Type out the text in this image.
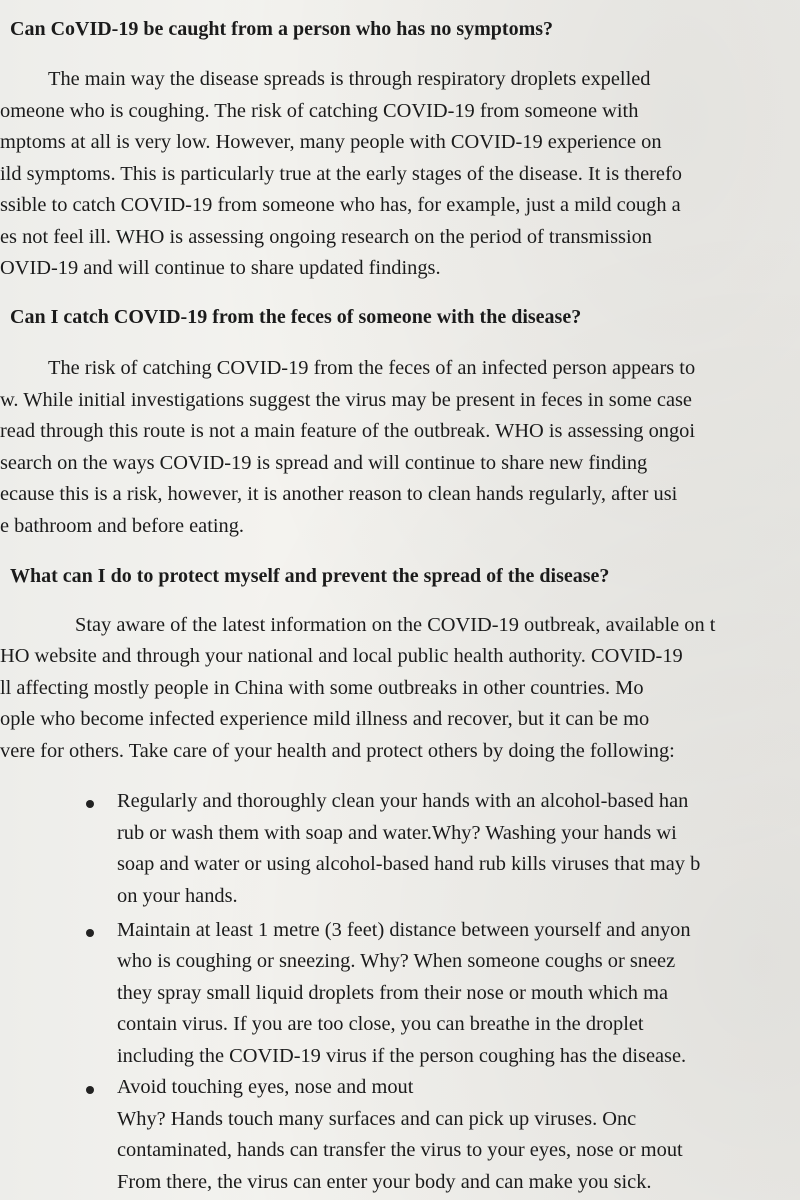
Can CoVID-19 be caught from a person who has no symptoms?

The main way the disease spreads is through respiratory droplets expelled

omeone who is coughing. The risk of catching COVID-19 from someone with

mptoms at all is very low. However, many people with COVID-19 experience on

ild symptoms. This is particularly true at the early stages of the disease. It is therefo

ssible to catch COVID-19 from someone who has, for example, just a mild cough a

es not feel ill. WHO is assessing ongoing research on the period of transmission

OVID-19 and will continue to share updated findings.

Can I catch COVID-19 from the feces of someone with the disease?

The risk of catching COVID-19 from the feces of an infected person appears to

w. While initial investigations suggest the virus may be present in feces in some case

read through this route is not a main feature of the outbreak. WHO is assessing ongoi

search on the ways COVID-19 is spread and will continue to share new finding

ecause this is a risk, however, it is another reason to clean hands regularly, after usi

e bathroom and before eating.

What can I do to protect myself and prevent the spread of the disease?

Stay aware of the latest information on the COVID-19 outbreak, available on t

HO website and through your national and local public health authority. COVID-19

ll affecting mostly people in China with some outbreaks in other countries. Mo

ople who become infected experience mild illness and recover, but it can be mo

vere for others. Take care of your health and protect others by doing the following:

Regularly and thoroughly clean your hands with an alcohol-based han

rub or wash them with soap and water.Why? Washing your hands wi

soap and water or using alcohol-based hand rub kills viruses that may b

on your hands.

Maintain at least 1 metre (3 feet) distance between yourself and anyon

who is coughing or sneezing. Why? When someone coughs or sneez

they spray small liquid droplets from their nose or mouth which ma

contain virus. If you are too close, you can breathe in the droplet

including the COVID-19 virus if the person coughing has the disease.

Avoid touching eyes, nose and mout

Why? Hands touch many surfaces and can pick up viruses. Onc

contaminated, hands can transfer the virus to your eyes, nose or mout

From there, the virus can enter your body and can make you sick.
